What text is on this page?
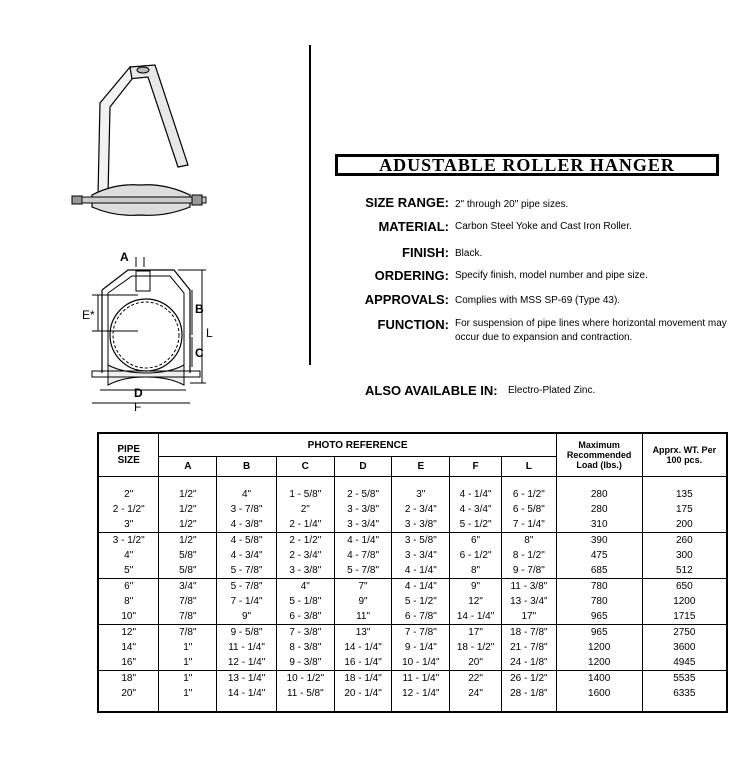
A
B
C
D
E*
F
L
ADUSTABLE ROLLER HANGER
SIZE RANGE: 2" through 20" pipe sizes.
MATERIAL: Carbon Steel Yoke and Cast Iron Roller.
FINISH: Black.
ORDERING: Specify finish, model number and pipe size.
APPROVALS: Complies with MSS SP-69 (Type 43).
FUNCTION: For suspension of pipe lines where horizontal movement may occur due to expansion and contraction.
ALSO AVAILABLE IN: Electro-Plated Zinc.
PIPE SIZE	PHOTO REFERENCE							Maximum Recommended Load (lbs.)	Apprx. WT. Per 100 pcs.
	A	B	C	D	E	F	L		

2"	1/2"	4"	1 - 5/8"	2 - 5/8"	3"	4 - 1/4"	6 - 1/2"	280	135
2 - 1/2"	1/2"	3 - 7/8"	2"	3 - 3/8"	2 - 3/4"	4 - 3/4"	6 - 5/8"	280	175
3"	1/2"	4 - 3/8"	2 - 1/4"	3 - 3/4"	3 - 3/8"	5 - 1/2"	7 - 1/4"	310	200
3 - 1/2"	1/2"	4 - 5/8"	2 - 1/2"	4 - 1/4"	3 - 5/8"	6"	8"	390	260
4"	5/8"	4 - 3/4"	2 - 3/4"	4 - 7/8"	3 - 3/4"	6 - 1/2"	8 - 1/2"	475	300
5"	5/8"	5 - 7/8"	3 - 3/8"	5 - 7/8"	4 - 1/4"	8"	9 - 7/8"	685	512
6"	3/4"	5 - 7/8"	4"	7"	4 - 1/4"	9"	11 - 3/8"	780	650
8"	7/8"	7 - 1/4"	5 - 1/8"	9"	5 - 1/2"	12"	13 - 3/4"	780	1200
10"	7/8"	9"	6 - 3/8"	11"	6 - 7/8"	14 - 1/4"	17"	965	1715
12"	7/8"	9 - 5/8"	7 - 3/8"	13"	7 - 7/8"	17"	18 - 7/8"	965	2750
14"	1"	11 - 1/4"	8 - 3/8"	14 - 1/4"	9 - 1/4"	18 - 1/2"	21 - 7/8"	1200	3600
16"	1"	12 - 1/4"	9 - 3/8"	16 - 1/4"	10 - 1/4"	20"	24 - 1/8"	1200	4945
18"	1"	13 - 1/4"	10 - 1/2"	18 - 1/4"	11 - 1/4"	22"	26 - 1/2"	1400	5535
20"	1"	14 - 1/4"	11 - 5/8"	20 - 1/4"	12 - 1/4"	24"	28 - 1/8"	1600	6335
